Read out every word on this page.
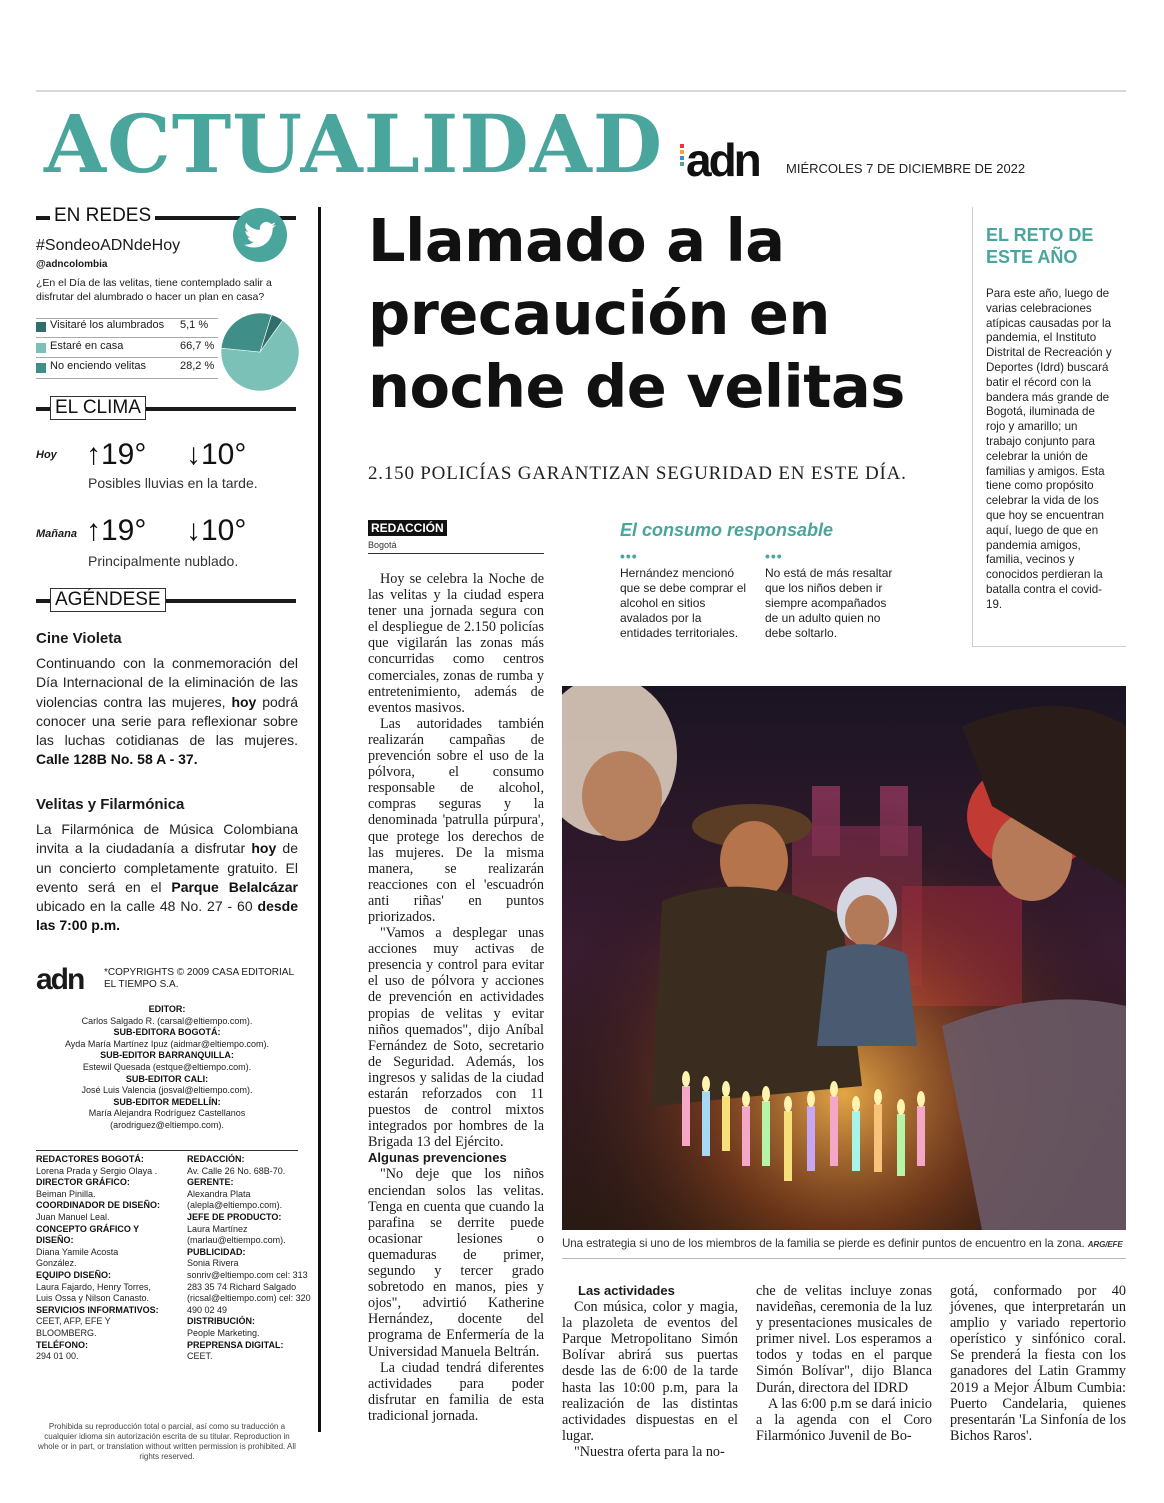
ACTUALIDAD adn MIÉRCOLES 7 DE DICIEMBRE DE 2022
EN REDES
#SondeoADNdeHoy
@adncolombia
¿En el Día de las velitas, tiene contemplado salir a disfrutar del alumbrado o hacer un plan en casa?
Visitaré los alumbrados 5,1 %
Estaré en casa	66,7 %
No enciendo velitas	28,2 %
EL CLIMA
Hoy ↑19° ↓10°
Posibles lluvias en la tarde.
Mañana ↑19° ↓10°
Principalmente nublado.
AGÉNDESE
Cine Violeta
Continuando con la conmemoración del Día Internacional de la eliminación de las violencias contra las mujeres, hoy podrá conocer una serie para reflexionar sobre las luchas cotidianas de las mujeres. Calle 128B No. 58 A - 37.
Velitas y Filarmónica
La Filarmónica de Música Colombiana invita a la ciudadanía a disfrutar hoy de un concierto completamente gratuito. El evento será en el Parque Belalcázar ubicado en la calle 48 No. 27 - 60 desde las 7:00 p.m.
adn *COPYRIGHTS © 2009 CASA EDITORIAL EL TIEMPO S.A.
EDITOR:
Carlos Salgado R. (carsal@eltiempo.com).
SUB-EDITORA BOGOTÁ:
Ayda María Martínez Ipuz (aidmar@eltiempo.com).
SUB-EDITOR BARRANQUILLA:
Estewil Quesada (estque@eltiempo.com).
SUB-EDITOR CALI:
José Luis Valencia (josval@eltiempo.com).
SUB-EDITOR MEDELLÍN:
María Alejandra Rodríguez Castellanos (arodriguez@eltiempo.com).
REDACTORES BOGOTÁ:
Lorena Prada y Sergio Olaya .
DIRECTOR GRÁFICO:
Beiman Pinilla.
COORDINADOR DE DISEÑO:
Juan Manuel Leal.
CONCEPTO GRÁFICO Y DISEÑO:
Diana Yamile Acosta González.
EQUIPO DISEÑO:
Laura Fajardo, Henry Torres, Luis Ossa y Nilson Canasto.
SERVICIOS INFORMATIVOS:
CEET, AFP, EFE Y BLOOMBERG.
TELÉFONO:
294 01 00.
REDACCIÓN:
Av. Calle 26 No. 68B-70.
GERENTE:
Alexandra Plata (alepla@eltiempo.com).
JEFE DE PRODUCTO:
Laura Martínez (marlau@eltiempo.com).
PUBLICIDAD:
Sonia Rivera sonriv@eltiempo.com cel: 313 283 35 74 Richard Salgado (ricsal@eltiempo.com) cel: 320 490 02 49
DISTRIBUCIÓN:
People Marketing.
PREPRENSA DIGITAL:
CEET.
Prohibida su reproducción total o parcial, así como su traducción a cualquier idioma sin autorización escrita de su titular. Reproduction in whole or in part, or translation without written permission is prohibited. All rights reserved.
Llamado a la precaución en noche de velitas
2.150 POLICÍAS GARANTIZAN SEGURIDAD EN ESTE DÍA.
REDACCIÓN
Bogotá

Hoy se celebra la Noche de las velitas y la ciudad espera tener una jornada segura con el despliegue de 2.150 policías que vigilarán las zonas más concurridas como centros comerciales, zonas de rumba y entretenimiento, además de eventos masivos.

Las autoridades también realizarán campañas de prevención sobre el uso de la pólvora, el consumo responsable de alcohol, compras seguras y la denominada 'patrulla púrpura', que protege los derechos de las mujeres. De la misma manera, se realizarán reacciones con el 'escuadrón anti riñas' en puntos priorizados.

"Vamos a desplegar unas acciones muy activas de presencia y control para evitar el uso de pólvora y acciones de prevención en actividades propias de velitas y evitar niños quemados", dijo Aníbal Fernández de Soto, secretario de Seguridad. Además, los ingresos y salidas de la ciudad estarán reforzados con 11 puestos de control mixtos integrados por hombres de la Brigada 13 del Ejército.

Algunas prevenciones

"No deje que los niños enciendan solos las velitas. Tenga en cuenta que cuando la parafina se derrite puede ocasionar lesiones o quemaduras de primer, segundo y tercer grado sobretodo en manos, pies y ojos", advirtió Katherine Hernández, docente del programa de Enfermería de la Universidad Manuela Beltrán.

La ciudad tendrá diferentes actividades para poder disfrutar en familia de esta tradicional jornada.

Las actividades

Con música, color y magia, la plazoleta de eventos del Parque Metropolitano Simón Bolívar abrirá sus puertas desde las de 6:00 de la tarde hasta las 10:00 p.m, para la realización de las distintas actividades dispuestas en el lugar.

"Nuestra oferta para la no-

che de velitas incluye zonas navideñas, ceremonia de la luz y presentaciones musicales de primer nivel. Los esperamos a todos y todas en el parque Simón Bolívar", dijo Blanca Durán, directora del IDRD

A las 6:00 p.m se dará inicio a la agenda con el Coro Filarmónico Juvenil de Bo-

gotá, conformado por 40 jóvenes, que interpretarán un amplio y variado repertorio operístico y sinfónico coral. Se prenderá la fiesta con los ganadores del Latin Grammy 2019 a Mejor Álbum Cumbia: Puerto Candelaria, quienes presentarán 'La Sinfonía de los Bichos Raros'.

El consumo responsable
•••
Hernández mencionó que se debe comprar el alcohol en sitios avalados por la entidades territoriales.
•••
No está de más resaltar que los niños deben ir siempre acompañados de un adulto quien no debe soltarlo.
EL RETO DE ESTE AÑO
Para este año, luego de varias celebraciones atípicas causadas por la pandemia, el Instituto Distrital de Recreación y Deportes (Idrd) buscará batir el récord con la bandera más grande de Bogotá, iluminada de rojo y amarillo; un trabajo conjunto para celebrar la unión de familias y amigos. Esta tiene como propósito celebrar la vida de los que hoy se encuentran aquí, luego de que en pandemia amigos, familia, vecinos y conocidos perdieran la batalla contra el covid-19.
Una estrategia si uno de los miembros de la familia se pierde es definir puntos de encuentro en la zona. ARG/EFE
